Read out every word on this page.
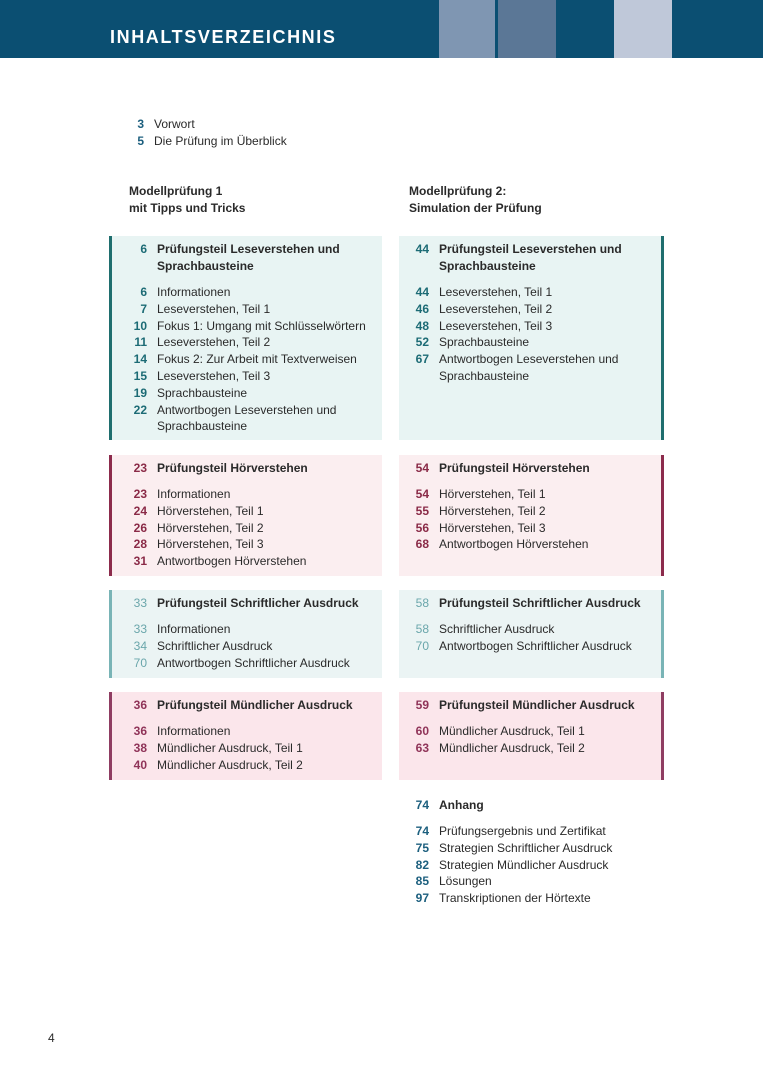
INHALTSVERZEICHNIS
3 Vorwort
5 Die Prüfung im Überblick
Modellprüfung 1
mit Tipps und Tricks
Modellprüfung 2:
Simulation der Prüfung
6 Prüfungsteil Leseverstehen und Sprachbausteine
6 Informationen
7 Leseverstehen, Teil 1
10 Fokus 1: Umgang mit Schlüsselwörtern
11 Leseverstehen, Teil 2
14 Fokus 2: Zur Arbeit mit Textverweisen
15 Leseverstehen, Teil 3
19 Sprachbausteine
22 Antwortbogen Leseverstehen und Sprachbausteine
44 Prüfungsteil Leseverstehen und Sprachbausteine
44 Leseverstehen, Teil 1
46 Leseverstehen, Teil 2
48 Leseverstehen, Teil 3
52 Sprachbausteine
67 Antwortbogen Leseverstehen und Sprachbausteine
23 Prüfungsteil Hörverstehen
23 Informationen
24 Hörverstehen, Teil 1
26 Hörverstehen, Teil 2
28 Hörverstehen, Teil 3
31 Antwortbogen Hörverstehen
54 Prüfungsteil Hörverstehen
54 Hörverstehen, Teil 1
55 Hörverstehen, Teil 2
56 Hörverstehen, Teil 3
68 Antwortbogen Hörverstehen
33 Prüfungsteil Schriftlicher Ausdruck
33 Informationen
34 Schriftlicher Ausdruck
70 Antwortbogen Schriftlicher Ausdruck
58 Prüfungsteil Schriftlicher Ausdruck
58 Schriftlicher Ausdruck
70 Antwortbogen Schriftlicher Ausdruck
36 Prüfungsteil Mündlicher Ausdruck
36 Informationen
38 Mündlicher Ausdruck, Teil 1
40 Mündlicher Ausdruck, Teil 2
59 Prüfungsteil Mündlicher Ausdruck
60 Mündlicher Ausdruck, Teil 1
63 Mündlicher Ausdruck, Teil 2
74 Anhang
74 Prüfungsergebnis und Zertifikat
75 Strategien Schriftlicher Ausdruck
82 Strategien Mündlicher Ausdruck
85 Lösungen
97 Transkriptionen der Hörtexte
4
